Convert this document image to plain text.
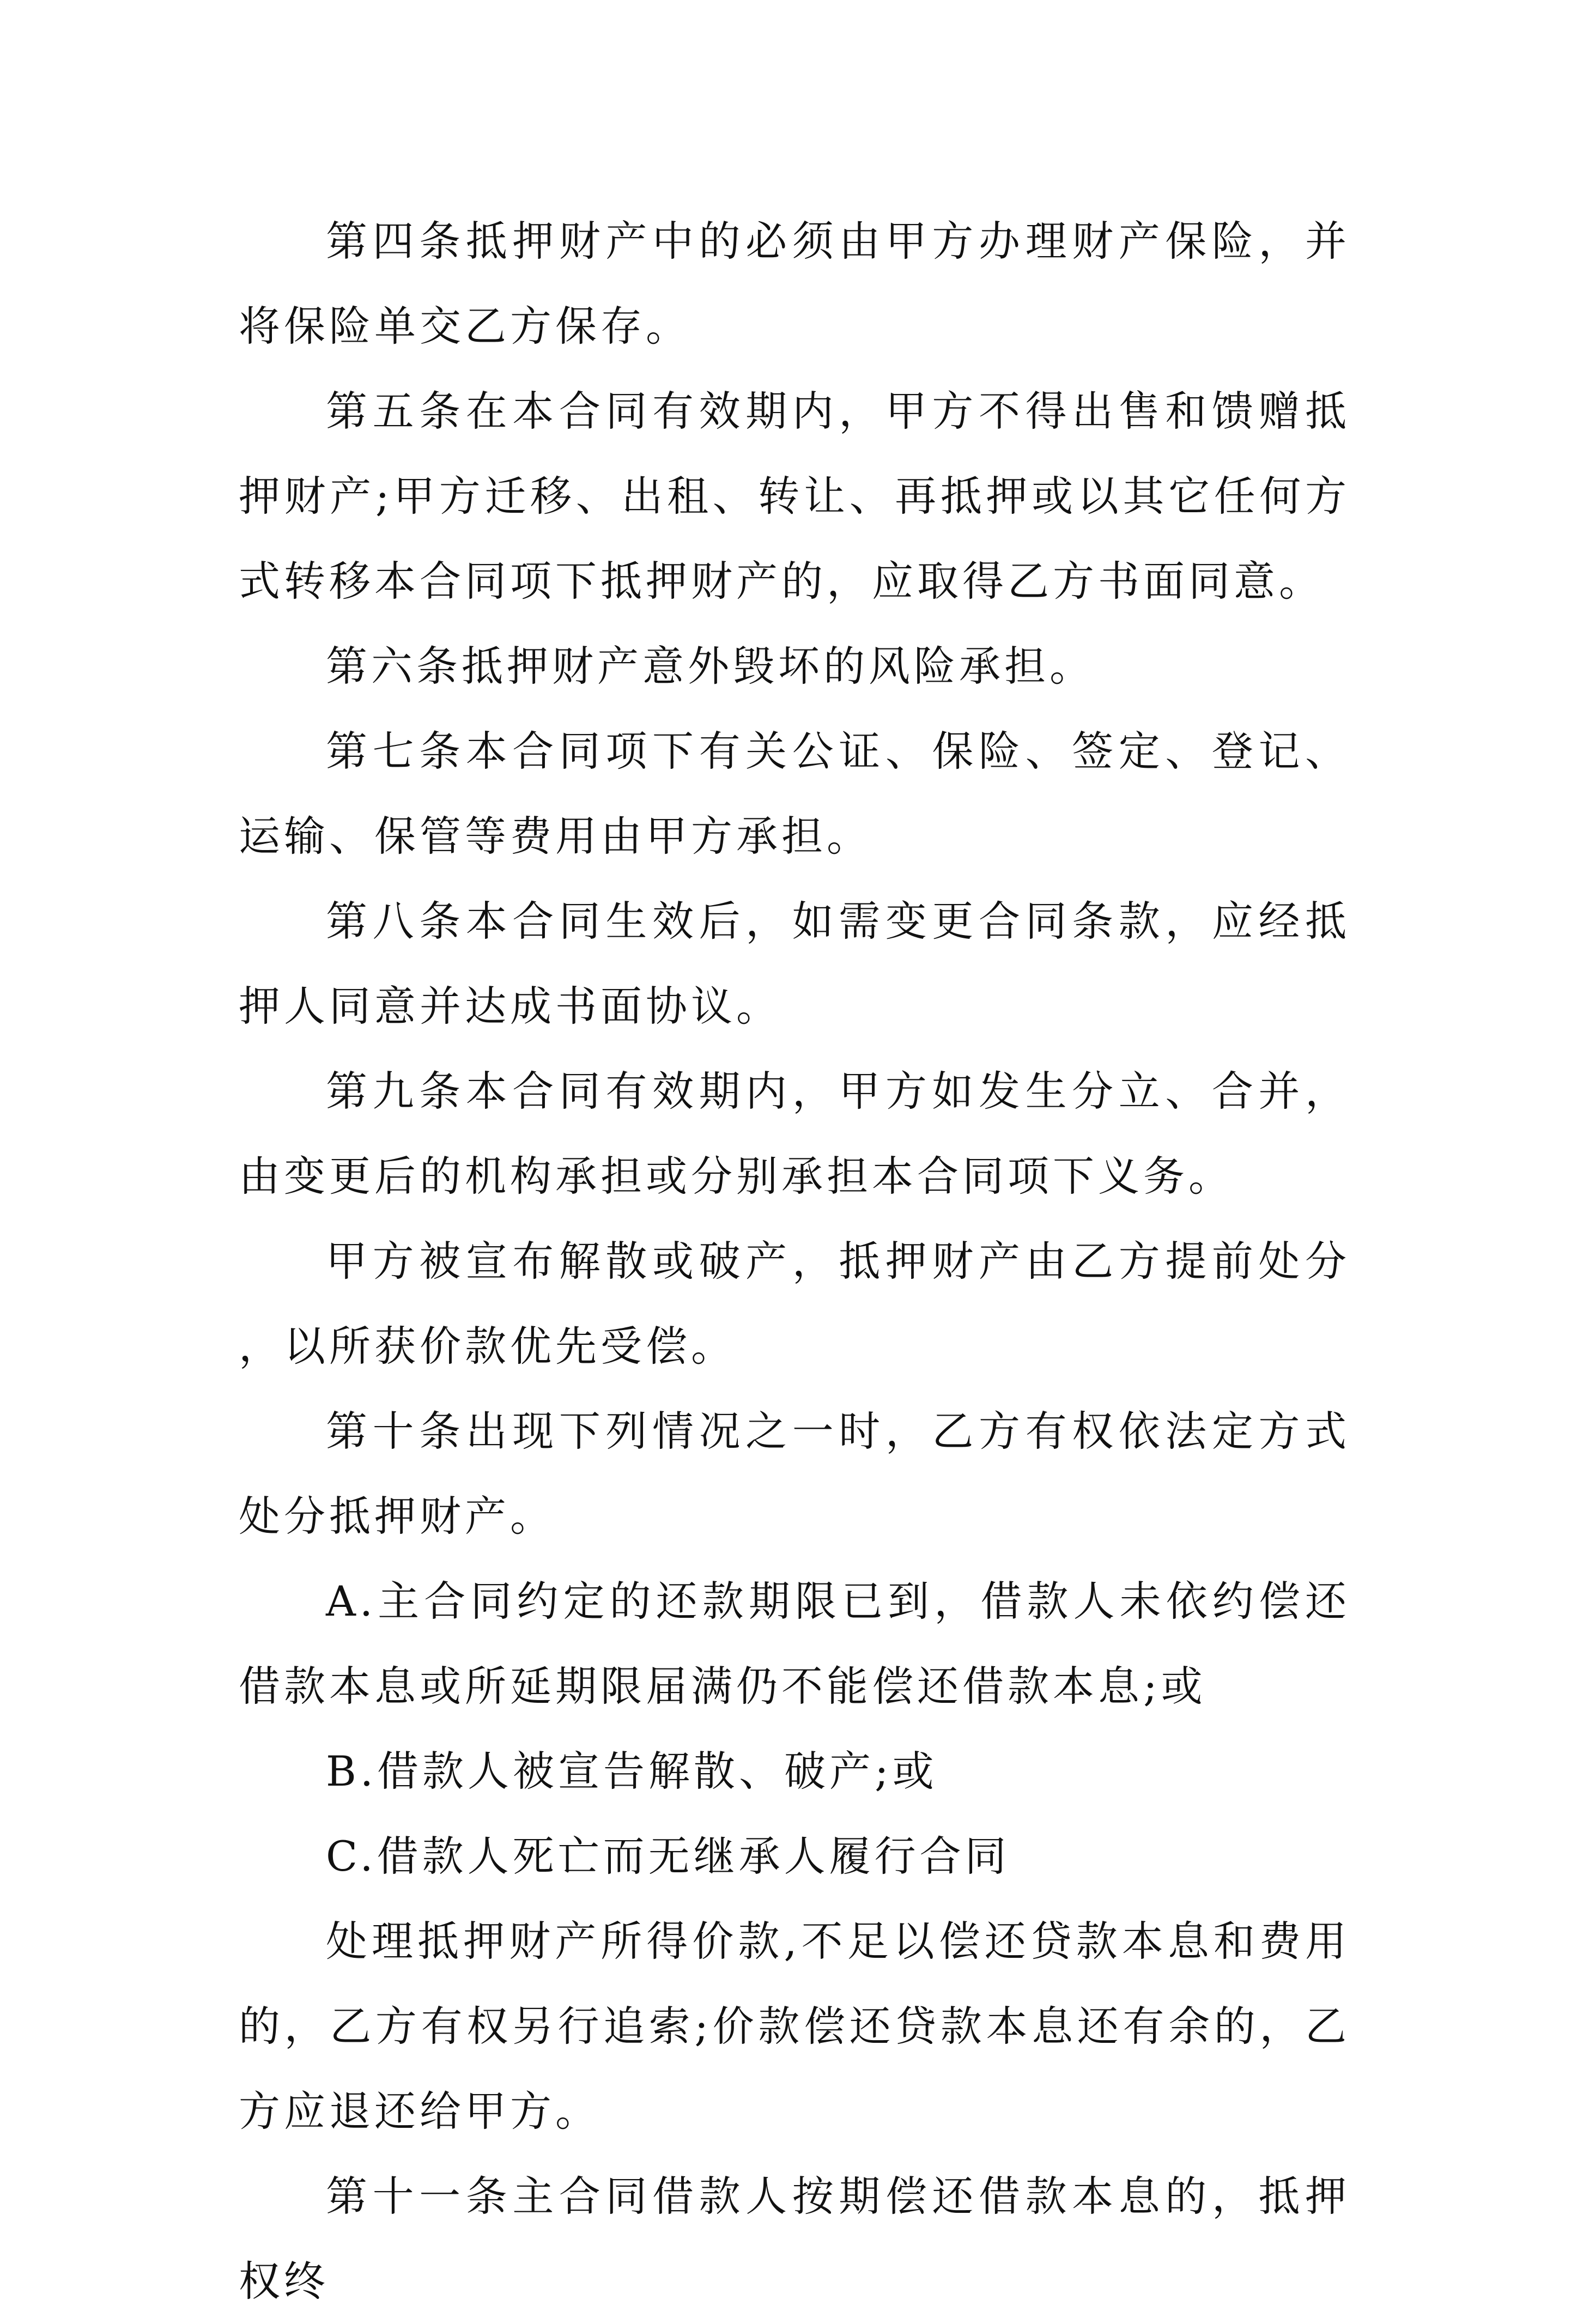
第四条抵押财产中的必须由甲方办理财产保险，并将保险单交乙方保存。

第五条在本合同有效期内，甲方不得出售和馈赠抵押财产;甲方迁移、出租、转让、再抵押或以其它任何方式转移本合同项下抵押财产的，应取得乙方书面同意。

第六条抵押财产意外毁坏的风险承担。

第七条本合同项下有关公证、保险、签定、登记、运输、保管等费用由甲方承担。

第八条本合同生效后，如需变更合同条款，应经抵押人同意并达成书面协议。

第九条本合同有效期内，甲方如发生分立、合并，由变更后的机构承担或分别承担本合同项下义务。

甲方被宣布解散或破产，抵押财产由乙方提前处分，以所获价款优先受偿。

第十条出现下列情况之一时，乙方有权依法定方式处分抵押财产。

A.主合同约定的还款期限已到，借款人未依约偿还借款本息或所延期限届满仍不能偿还借款本息;或

B.借款人被宣告解散、破产;或

C.借款人死亡而无继承人履行合同

处理抵押财产所得价款,不足以偿还贷款本息和费用的，乙方有权另行追索;价款偿还贷款本息还有余的，乙方应退还给甲方。

第十一条主合同借款人按期偿还借款本息的，抵押权终
